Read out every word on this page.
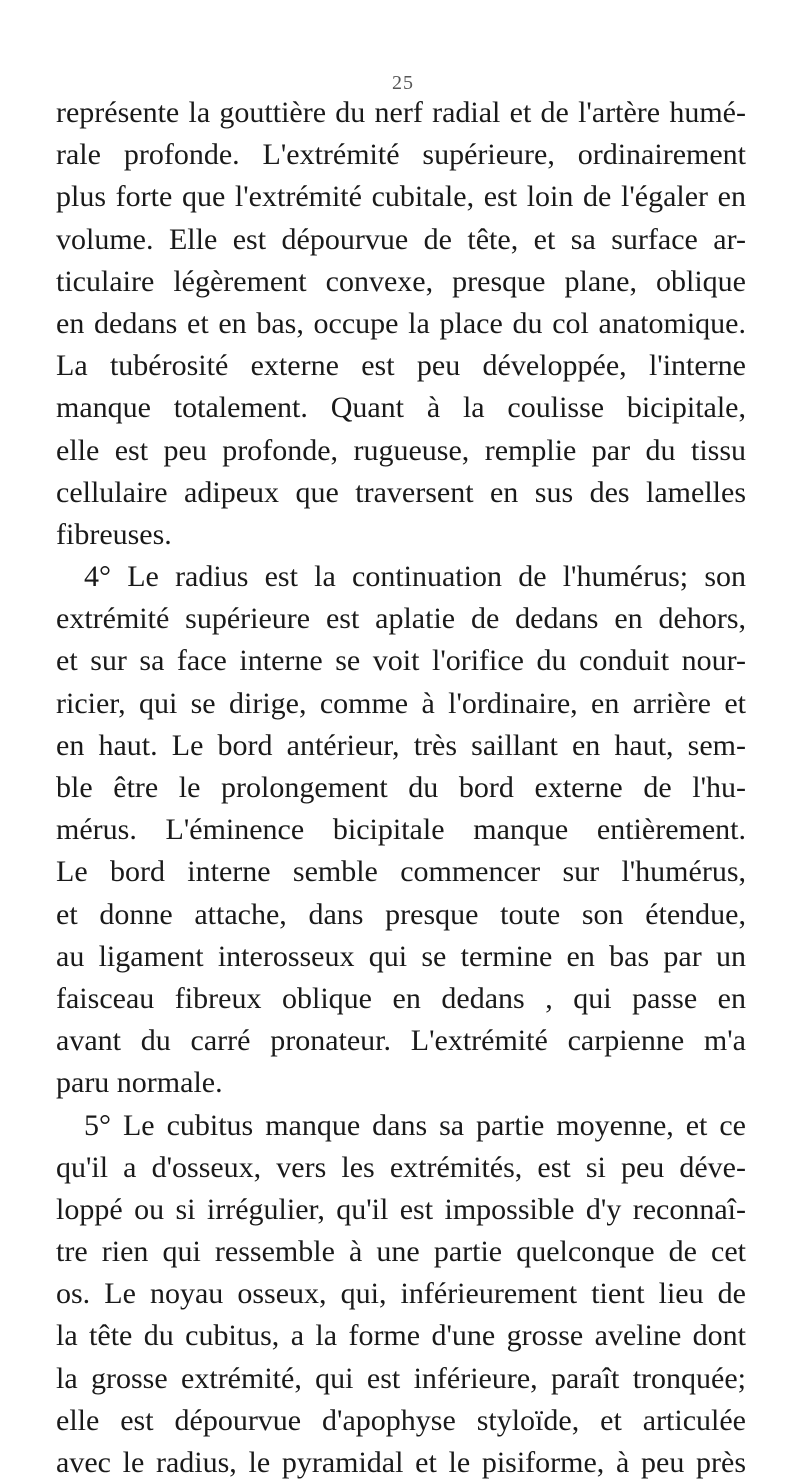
25
représente la gouttière du nerf radial et de l'artère humé-
rale profonde. L'extrémité supérieure, ordinairement
plus forte que l'extrémité cubitale, est loin de l'égaler en
volume. Elle est dépourvue de tête, et sa surface ar-
ticulaire légèrement convexe, presque plane, oblique
en dedans et en bas, occupe la place du col anatomique.
La tubérosité externe est peu développée, l'interne
manque totalement. Quant à la coulisse bicipitale,
elle est peu profonde, rugueuse, remplie par du tissu
cellulaire adipeux que traversent en sus des lamelles
fibreuses.
4° Le radius est la continuation de l'humérus; son
extrémité supérieure est aplatie de dedans en dehors,
et sur sa face interne se voit l'orifice du conduit nour-
ricier, qui se dirige, comme à l'ordinaire, en arrière et
en haut. Le bord antérieur, très saillant en haut, sem-
ble être le prolongement du bord externe de l'hu-
mérus. L'éminence bicipitale manque entièrement.
Le bord interne semble commencer sur l'humérus,
et donne attache, dans presque toute son étendue,
au ligament interosseux qui se termine en bas par un
faisceau fibreux oblique en dedans , qui passe en
avant du carré pronateur. L'extrémité carpienne m'a
paru normale.
5° Le cubitus manque dans sa partie moyenne, et ce
qu'il a d'osseux, vers les extrémités, est si peu déve-
loppé ou si irrégulier, qu'il est impossible d'y reconnaî-
tre rien qui ressemble à une partie quelconque de cet
os. Le noyau osseux, qui, inférieurement tient lieu de
la tête du cubitus, a la forme d'une grosse aveline dont
la grosse extrémité, qui est inférieure, paraît tronquée;
elle est dépourvue d'apophyse styloïde, et articulée
avec le radius, le pyramidal et le pisiforme, à peu près
